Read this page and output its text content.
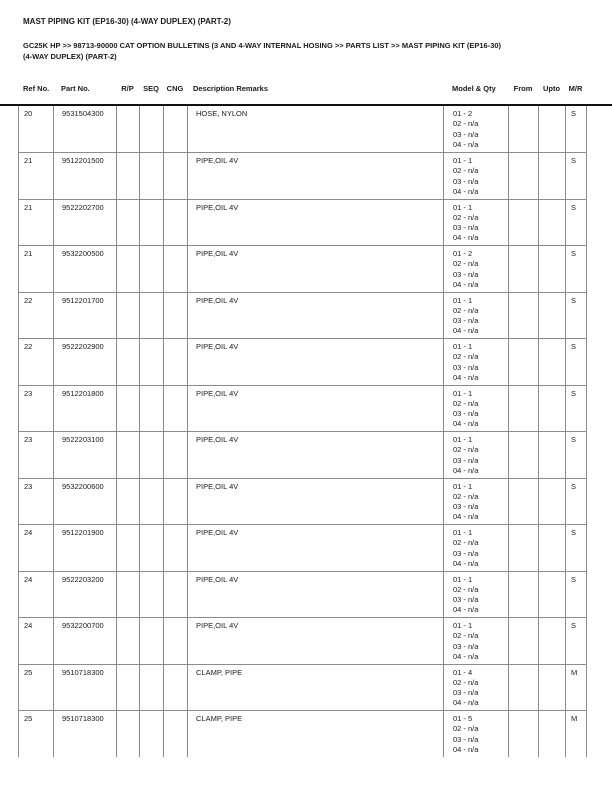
MAST PIPING KIT (EP16-30) (4-WAY DUPLEX) (PART-2)
GC25K HP >> 98713-90000 CAT OPTION BULLETINS (3 AND 4-WAY INTERNAL HOSING >> PARTS LIST >> MAST PIPING KIT (EP16-30)
(4-WAY DUPLEX) (PART-2)
Ref No.	Part No.	R/P	SEQ	CNG	Description Remarks	Model & Qty	From	Upto	M/R
20	9531504300				HOSE, NYLON	01 - 2
02 - n/a
03 - n/a
04 - n/a			S
21	9512201500				PIPE,OIL 4V	01 - 1
02 - n/a
03 - n/a
04 - n/a			S
21	9522202700				PIPE,OIL 4V	01 - 1
02 - n/a
03 - n/a
04 - n/a			S
21	9532200500				PIPE,OIL 4V	01 - 2
02 - n/a
03 - n/a
04 - n/a			S
22	9512201700				PIPE,OIL 4V	01 - 1
02 - n/a
03 - n/a
04 - n/a			S
22	9522202900				PIPE,OIL 4V	01 - 1
02 - n/a
03 - n/a
04 - n/a			S
23	9512201800				PIPE,OIL 4V	01 - 1
02 - n/a
03 - n/a
04 - n/a			S
23	9522203100				PIPE,OIL 4V	01 - 1
02 - n/a
03 - n/a
04 - n/a			S
23	9532200600				PIPE,OIL 4V	01 - 1
02 - n/a
03 - n/a
04 - n/a			S
24	9512201900				PIPE,OIL 4V	01 - 1
02 - n/a
03 - n/a
04 - n/a			S
24	9522203200				PIPE,OIL 4V	01 - 1
02 - n/a
03 - n/a
04 - n/a			S
24	9532200700				PIPE,OIL 4V	01 - 1
02 - n/a
03 - n/a
04 - n/a			S
25	9510718300				CLAMP, PIPE	01 - 4
02 - n/a
03 - n/a
04 - n/a			M
25	9510718300				CLAMP, PIPE	01 - 5
02 - n/a
03 - n/a
04 - n/a			M
